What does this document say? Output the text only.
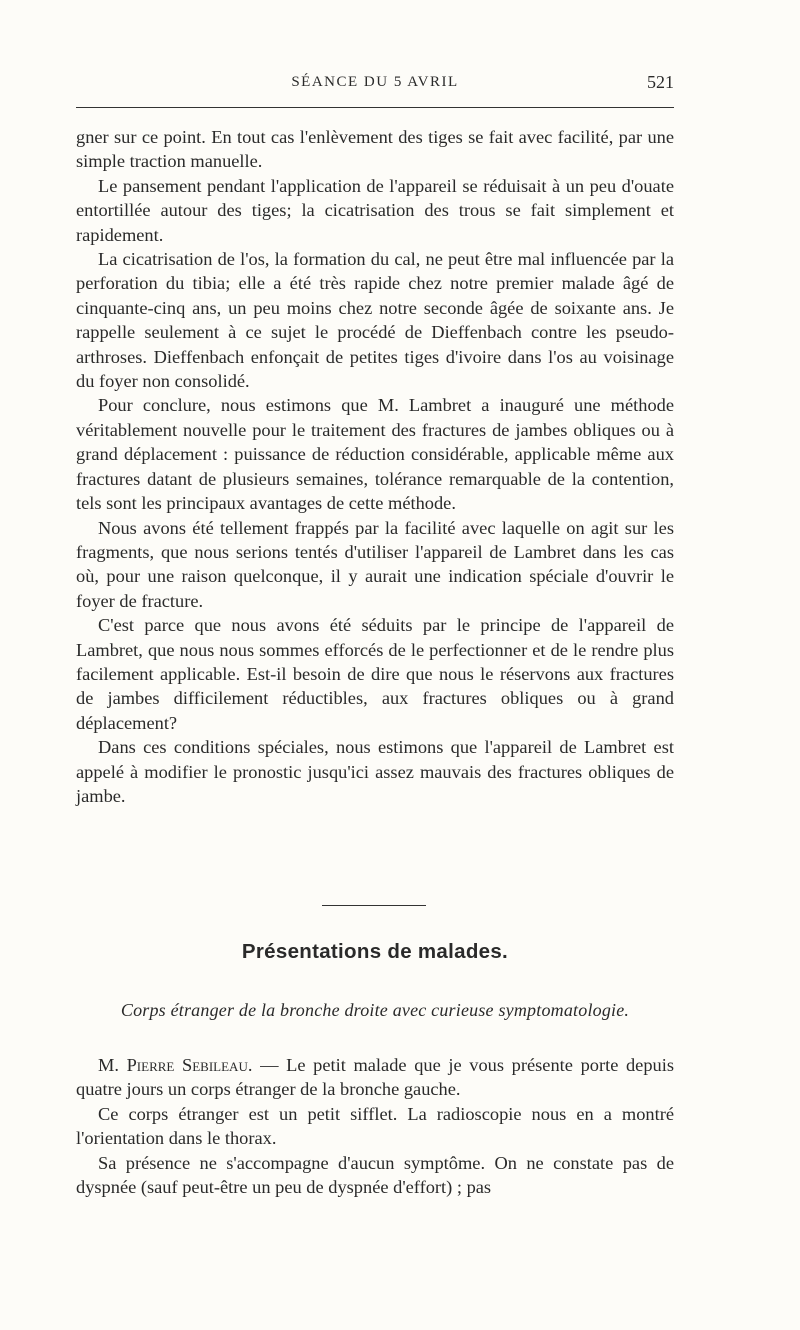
SÉANCE DU 5 AVRIL	521

gner sur ce point. En tout cas l'enlèvement des tiges se fait avec facilité, par une simple traction manuelle.

Le pansement pendant l'application de l'appareil se réduisait à un peu d'ouate entortillée autour des tiges; la cicatrisation des trous se fait simplement et rapidement.

La cicatrisation de l'os, la formation du cal, ne peut être mal influencée par la perforation du tibia; elle a été très rapide chez notre premier malade âgé de cinquante-cinq ans, un peu moins chez notre seconde âgée de soixante ans. Je rappelle seulement à ce sujet le procédé de Dieffenbach contre les pseudo-arthroses. Dieffenbach enfonçait de petites tiges d'ivoire dans l'os au voisinage du foyer non consolidé.

Pour conclure, nous estimons que M. Lambret a inauguré une méthode véritablement nouvelle pour le traitement des fractures de jambes obliques ou à grand déplacement : puissance de réduction considérable, applicable même aux fractures datant de plusieurs semaines, tolérance remarquable de la contention, tels sont les principaux avantages de cette méthode.

Nous avons été tellement frappés par la facilité avec laquelle on agit sur les fragments, que nous serions tentés d'utiliser l'appareil de Lambret dans les cas où, pour une raison quelconque, il y aurait une indication spéciale d'ouvrir le foyer de fracture.

C'est parce que nous avons été séduits par le principe de l'appareil de Lambret, que nous nous sommes efforcés de le perfectionner et de le rendre plus facilement applicable. Est-il besoin de dire que nous le réservons aux fractures de jambes difficilement réductibles, aux fractures obliques ou à grand déplacement?

Dans ces conditions spéciales, nous estimons que l'appareil de Lambret est appelé à modifier le pronostic jusqu'ici assez mauvais des fractures obliques de jambe.

Présentations de malades.
Corps étranger de la bronche droite avec curieuse symptomatologie.

M. Pierre Sebileau. — Le petit malade que je vous présente porte depuis quatre jours un corps étranger de la bronche gauche.

Ce corps étranger est un petit sifflet. La radioscopie nous en a montré l'orientation dans le thorax.

Sa présence ne s'accompagne d'aucun symptôme. On ne constate pas de dyspnée (sauf peut-être un peu de dyspnée d'effort) ; pas
